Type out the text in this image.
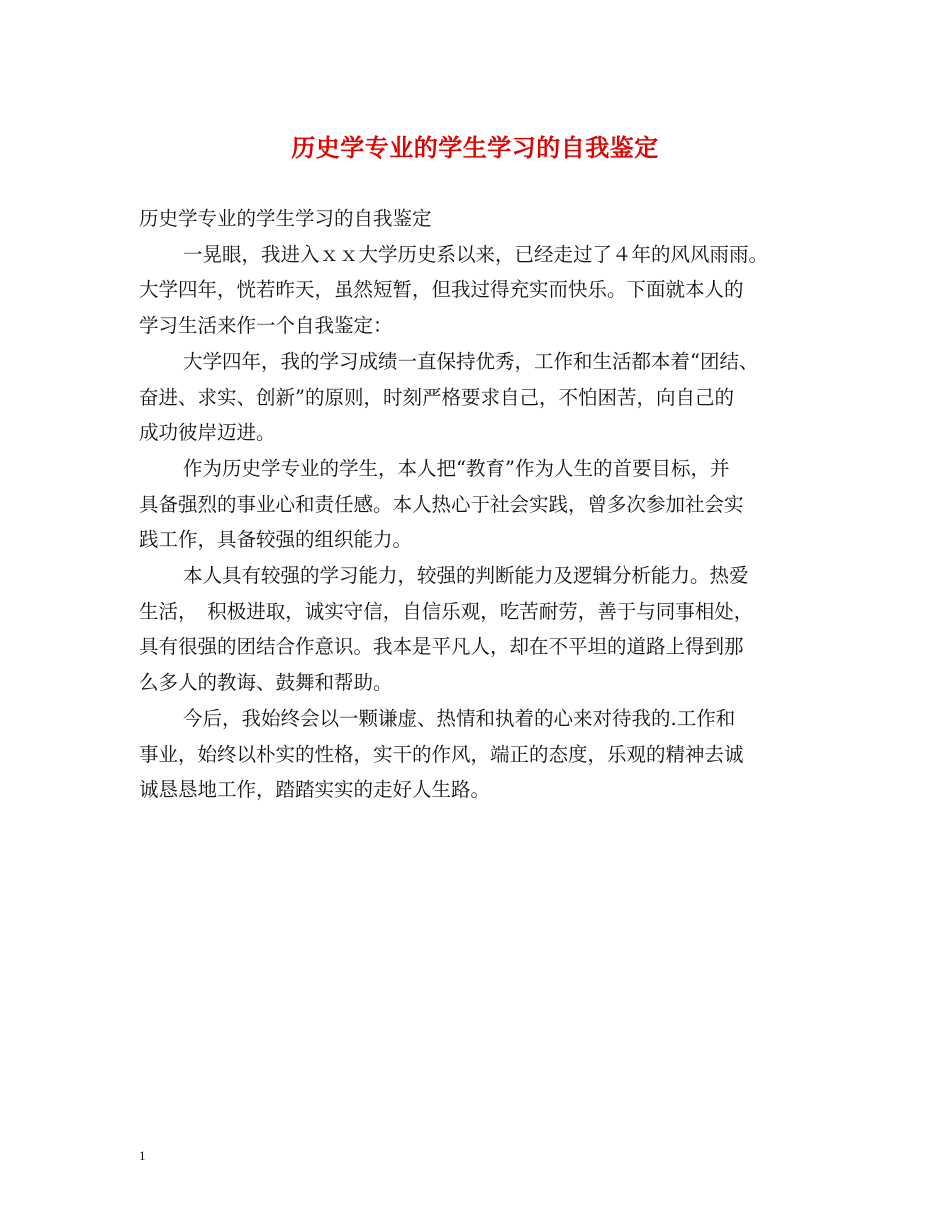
历史学专业的学生学习的自我鉴定

历史学专业的学生学习的自我鉴定

一晃眼，我进入ｘｘ大学历史系以来，已经走过了４年的风风雨雨。

大学四年，恍若昨天，虽然短暂，但我过得充实而快乐。下面就本人的

学习生活来作一个自我鉴定：

大学四年，我的学习成绩一直保持优秀，工作和生活都本着“团结、

奋进、求实、创新”的原则，时刻严格要求自己，不怕困苦，向自己的

成功彼岸迈进。

作为历史学专业的学生，本人把“教育”作为人生的首要目标，并

具备强烈的事业心和责任感。本人热心于社会实践，曾多次参加社会实

践工作，具备较强的组织能力。

本人具有较强的学习能力，较强的判断能力及逻辑分析能力。热爱

生活，　积极进取，诚实守信，自信乐观，吃苦耐劳，善于与同事相处，

具有很强的团结合作意识。我本是平凡人，却在不平坦的道路上得到那

么多人的教诲、鼓舞和帮助。

今后，我始终会以一颗谦虚、热情和执着的心来对待我的.工作和

事业，始终以朴实的性格，实干的作风，端正的态度，乐观的精神去诚

诚恳恳地工作，踏踏实实的走好人生路。

1
